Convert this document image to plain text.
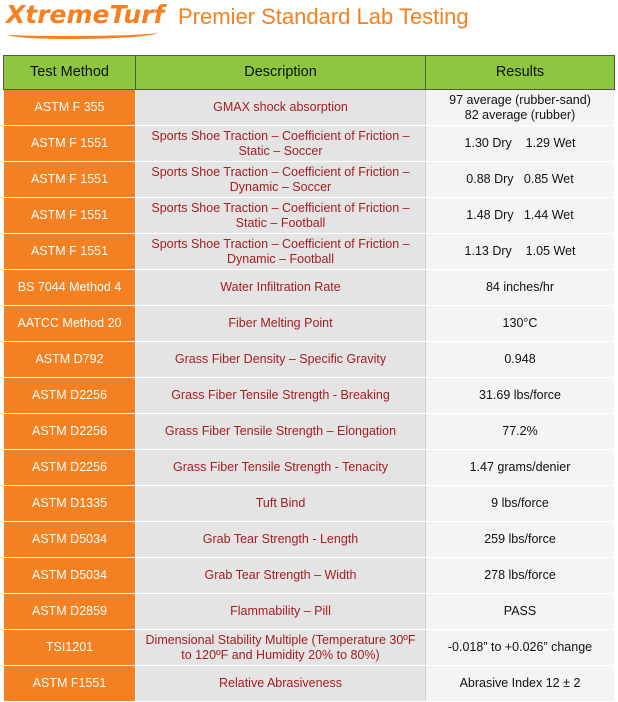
XtremeTurf Premier Standard Lab Testing
Test Method	Description	Results
ASTM F 355	GMAX shock absorption	97 average (rubber-sand)
82 average (rubber)

ASTM F 1551	Sports Shoe Traction – Coefficient of Friction –
Static – Soccer	1.30 Dry    1.29 Wet

ASTM F 1551	Sports Shoe Traction – Coefficient of Friction –
Dynamic – Soccer	0.88 Dry   0.85 Wet

ASTM F 1551	Sports Shoe Traction – Coefficient of Friction –
Static – Football	1.48 Dry   1.44 Wet

ASTM F 1551	Sports Shoe Traction – Coefficient of Friction –
Dynamic – Football	1.13 Dry    1.05 Wet

BS 7044 Method 4	Water Infiltration Rate	84 inches/hr

AATCC Method 20	Fiber Melting Point	130°C

ASTM D792	Grass Fiber Density – Specific Gravity	0.948

ASTM D2256	Grass Fiber Tensile Strength - Breaking	31.69 lbs/force

ASTM D2256	Grass Fiber Tensile Strength – Elongation	77.2%

ASTM D2256	Grass Fiber Tensile Strength - Tenacity	1.47 grams/denier

ASTM D1335	Tuft Bind	9 lbs/force

ASTM D5034	Grab Tear Strength - Length	259 lbs/force

ASTM D5034	Grab Tear Strength – Width	278 lbs/force

ASTM D2859	Flammability – Pill	PASS

TSI1201	Dimensional Stability Multiple (Temperature 30ºF
to 120ºF and Humidity 20% to 80%)	-0.018” to +0.026” change

ASTM F1551	Relative Abrasiveness	Abrasive Index 12 ± 2
